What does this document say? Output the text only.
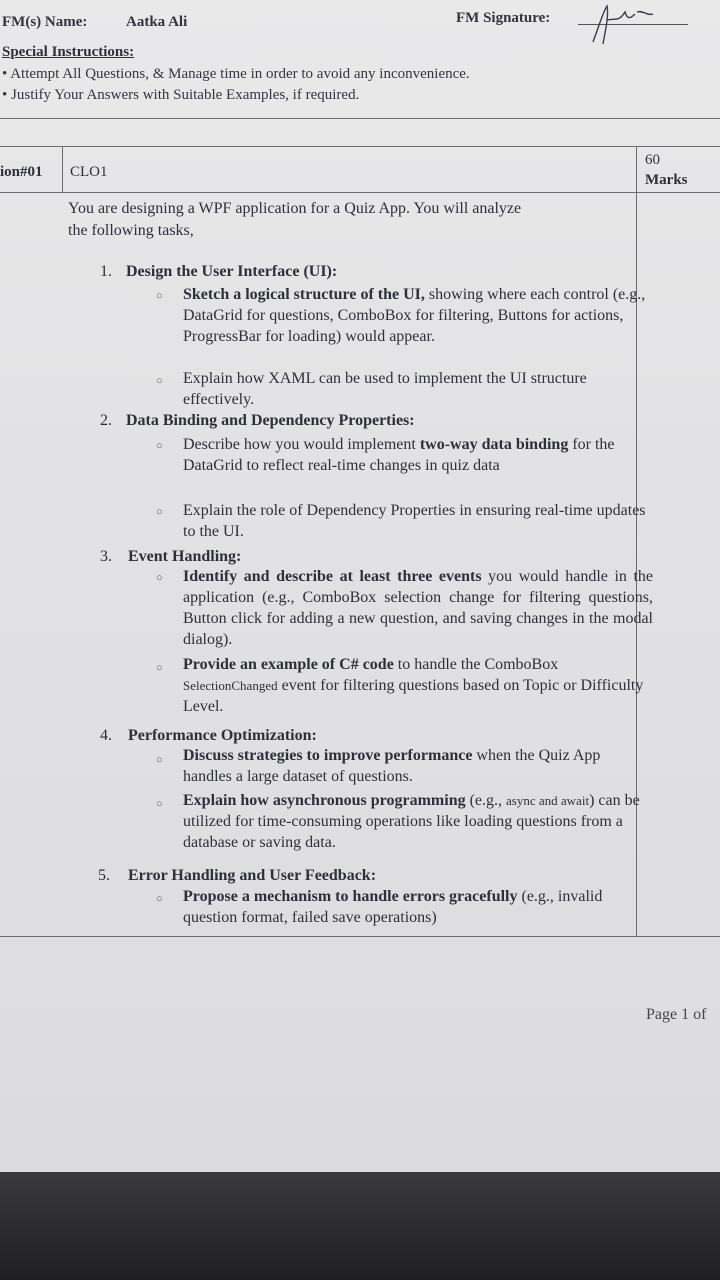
FM(s) Name:	Aatka Ali	FM Signature:
Special Instructions:
• Attempt All Questions, & Manage time in order to avoid any inconvenience.
• Justify Your Answers with Suitable Examples, if required.
ion#01 CLO1
60
Marks
You are designing a WPF application for a Quiz App. You will analyze
the following tasks,
1. Design the User Interface (UI):
○ Sketch a logical structure of the UI, showing where each control (e.g., DataGrid for questions, ComboBox for filtering, Buttons for actions, ProgressBar for loading) would appear.
○ Explain how XAML can be used to implement the UI structure effectively.
2. Data Binding and Dependency Properties:
○ Describe how you would implement two-way data binding for the DataGrid to reflect real-time changes in quiz data
○ Explain the role of Dependency Properties in ensuring real-time updates to the UI.
3. Event Handling:
○ Identify and describe at least three events you would handle in the application (e.g., ComboBox selection change for filtering questions, Button click for adding a new question, and saving changes in the modal dialog).
○ Provide an example of C# code to handle the ComboBox SelectionChanged event for filtering questions based on Topic or Difficulty Level.
4. Performance Optimization:
○ Discuss strategies to improve performance when the Quiz App handles a large dataset of questions.
○ Explain how asynchronous programming (e.g., async and await) can be utilized for time-consuming operations like loading questions from a database or saving data.
5. Error Handling and User Feedback:
○ Propose a mechanism to handle errors gracefully (e.g., invalid question format, failed save operations)
Page 1 of
